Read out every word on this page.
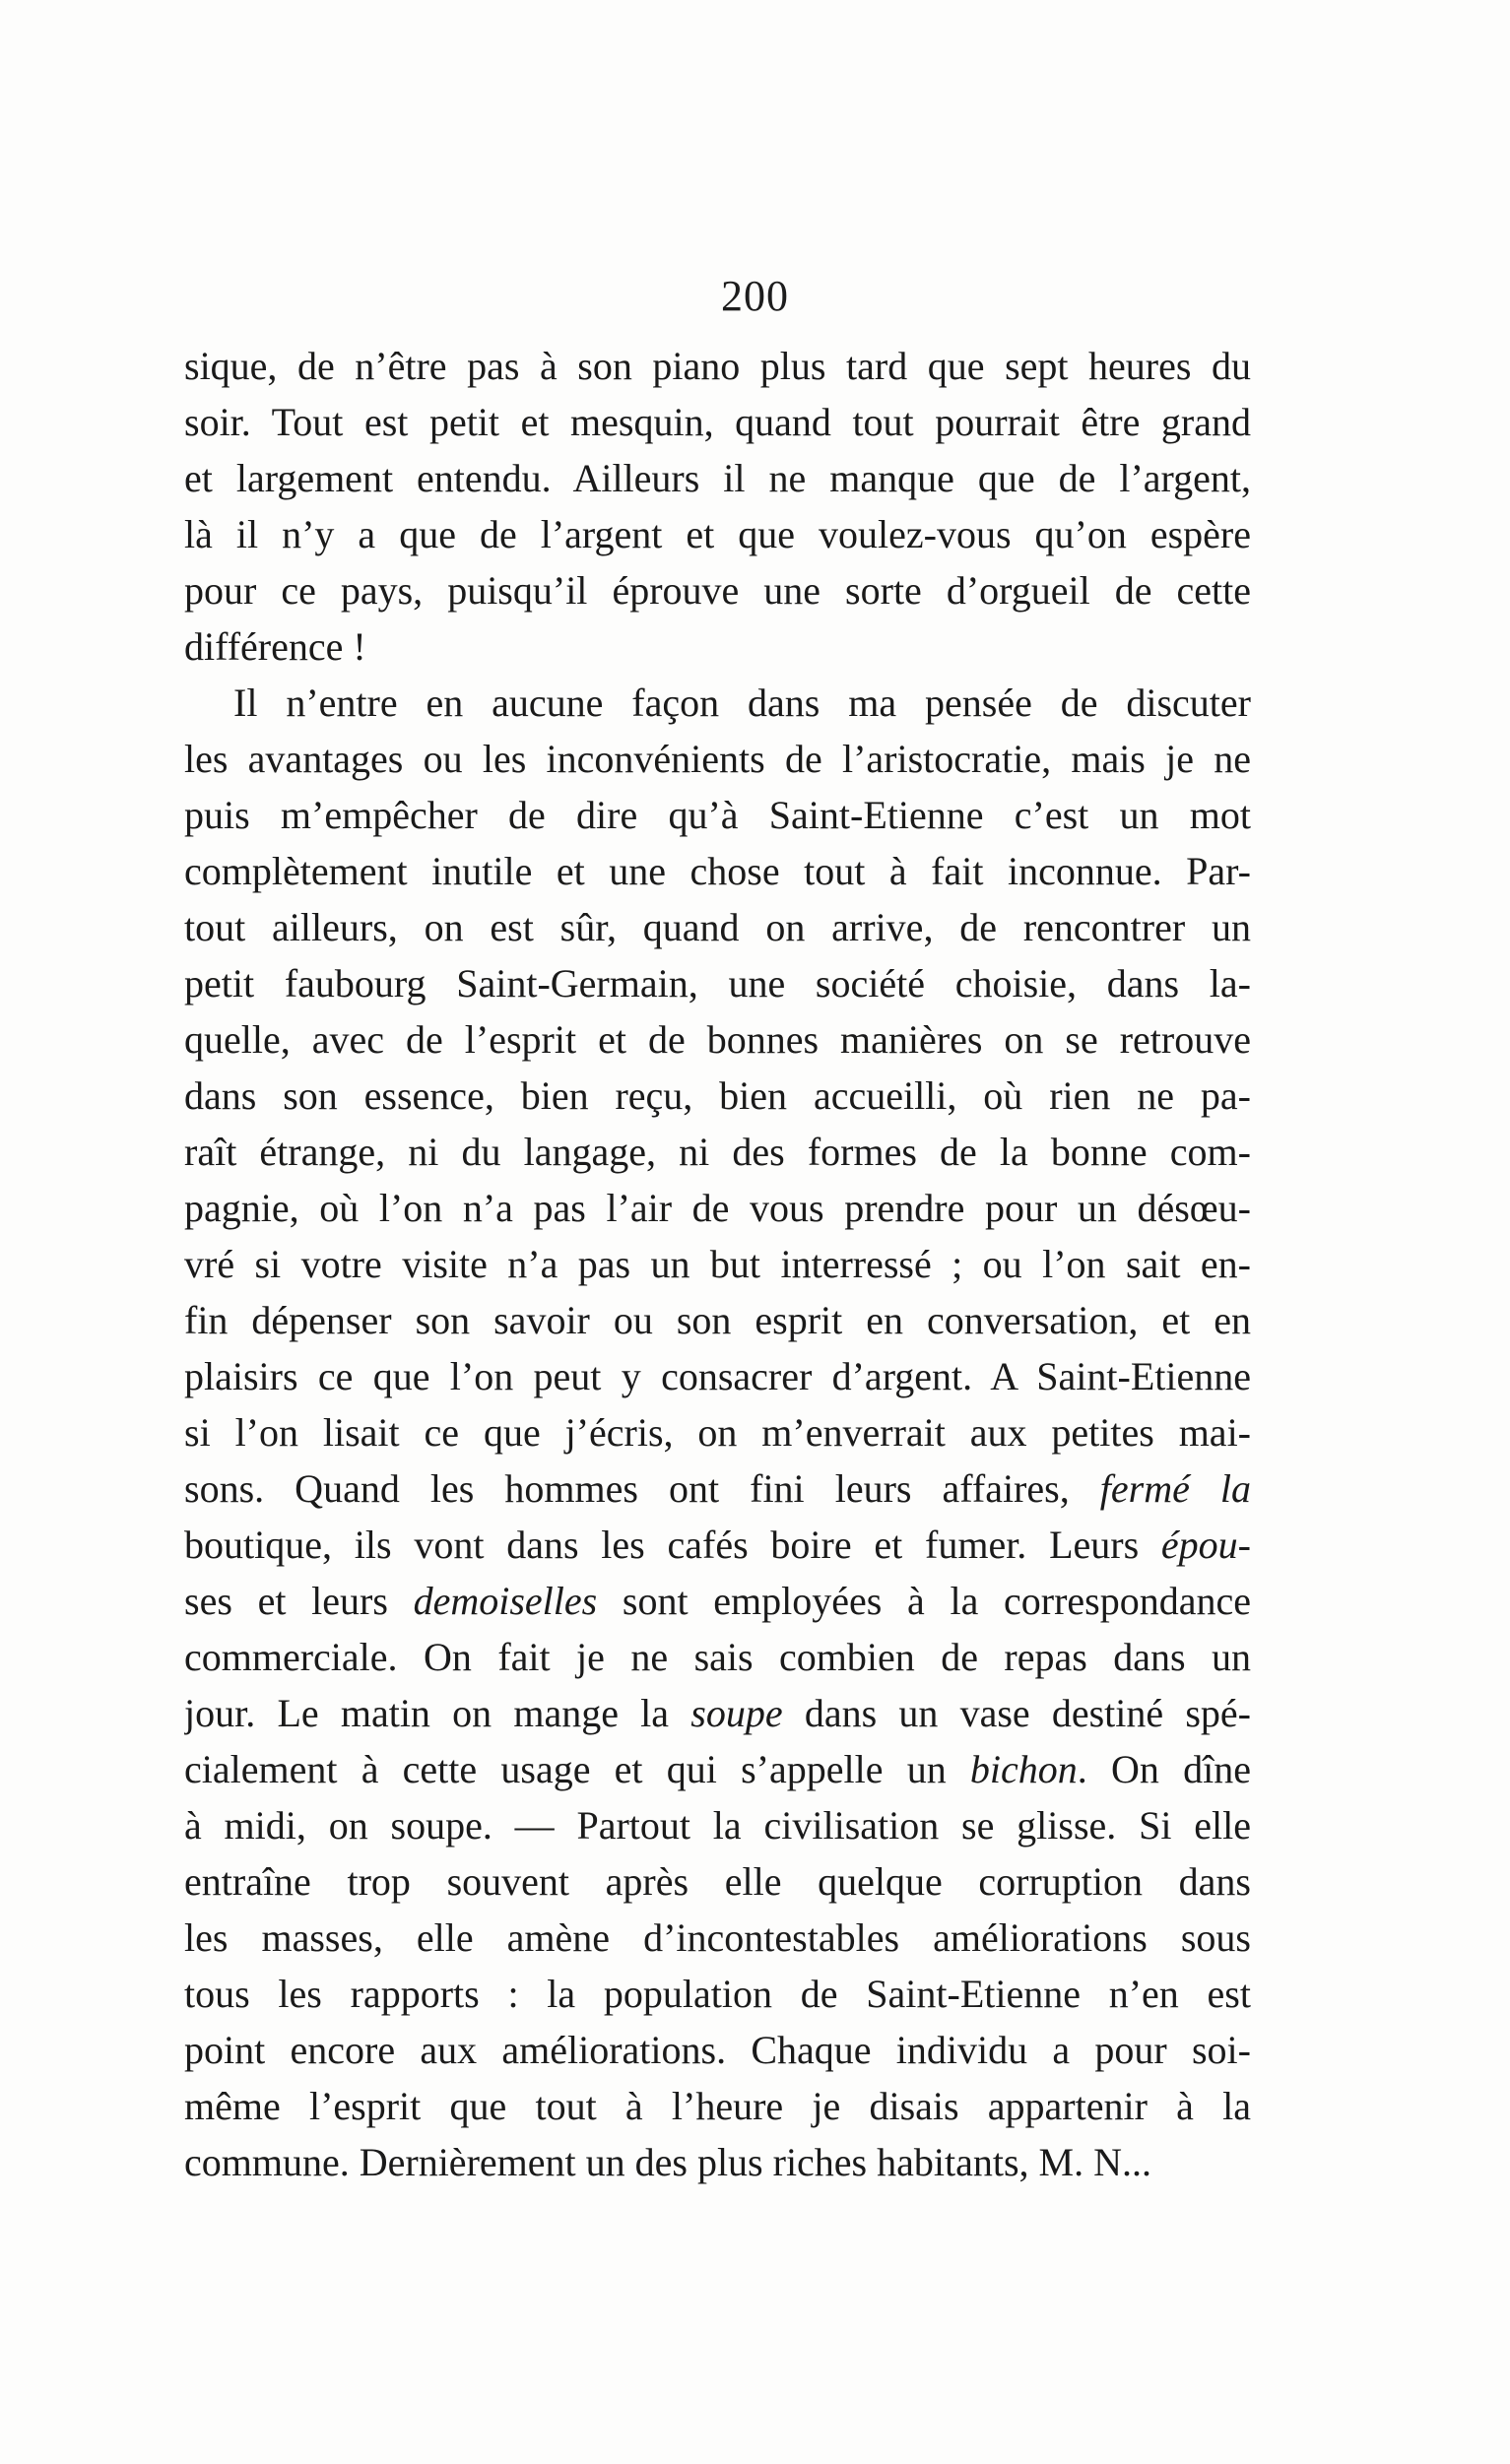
200
sique, de n’être pas à son piano plus tard que sept heures du
soir. Tout est petit et mesquin, quand tout pourrait être grand
et largement entendu. Ailleurs il ne manque que de l’argent,
là il n’y a que de l’argent et que voulez-vous qu’on espère
pour ce pays, puisqu’il éprouve une sorte d’orgueil de cette
différence !
Il n’entre en aucune façon dans ma pensée de discuter
les avantages ou les inconvénients de l’aristocratie, mais je ne
puis m’empêcher de dire qu’à Saint-Etienne c’est un mot
complètement inutile et une chose tout à fait inconnue. Par-
tout ailleurs, on est sûr, quand on arrive, de rencontrer un
petit faubourg Saint-Germain, une société choisie, dans la-
quelle, avec de l’esprit et de bonnes manières on se retrouve
dans son essence, bien reçu, bien accueilli, où rien ne pa-
raît étrange, ni du langage, ni des formes de la bonne com-
pagnie, où l’on n’a pas l’air de vous prendre pour un désœu-
vré si votre visite n’a pas un but interressé ; ou l’on sait en-
fin dépenser son savoir ou son esprit en conversation, et en
plaisirs ce que l’on peut y consacrer d’argent. A Saint-Etienne
si l’on lisait ce que j’écris, on m’enverrait aux petites mai-
sons. Quand les hommes ont fini leurs affaires, fermé la
boutique, ils vont dans les cafés boire et fumer. Leurs épou-
ses et leurs demoiselles sont employées à la correspondance
commerciale. On fait je ne sais combien de repas dans un
jour. Le matin on mange la soupe dans un vase destiné spé-
cialement à cette usage et qui s’appelle un bichon. On dîne
à midi, on soupe. — Partout la civilisation se glisse. Si elle
entraîne trop souvent après elle quelque corruption dans
les masses, elle amène d’incontestables améliorations sous
tous les rapports : la population de Saint-Etienne n’en est
point encore aux améliorations. Chaque individu a pour soi-
même l’esprit que tout à l’heure je disais appartenir à la
commune. Dernièrement un des plus riches habitants, M. N...
